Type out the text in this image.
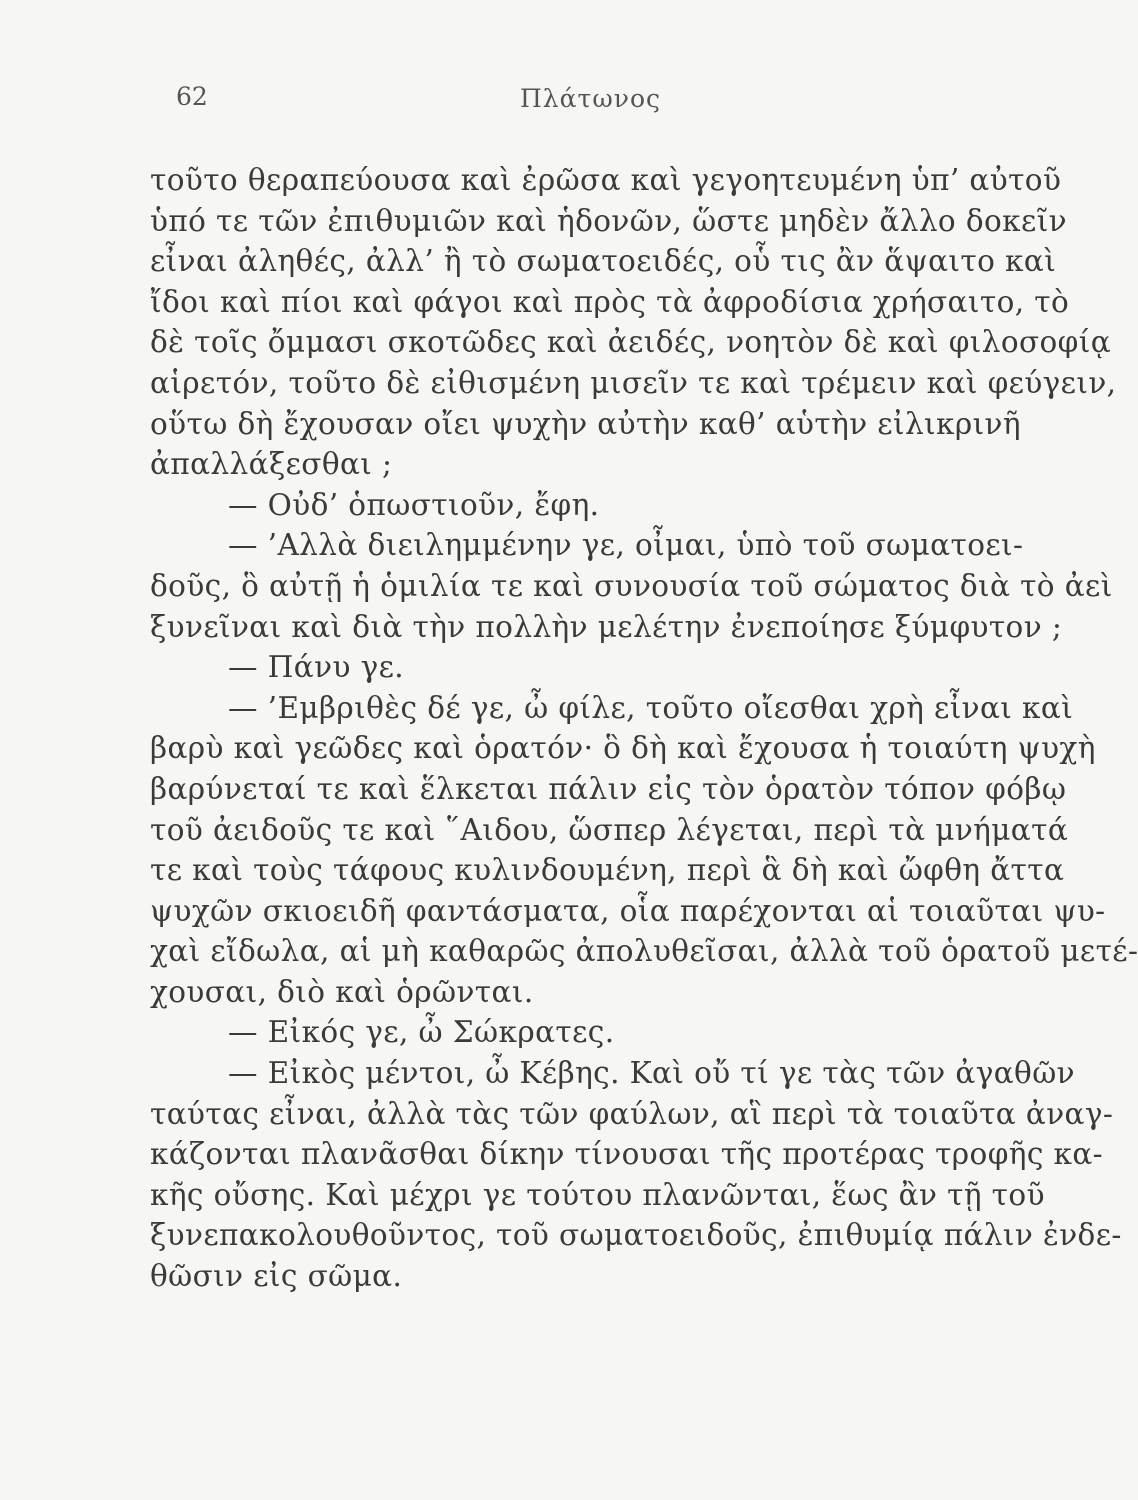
62	Πλάτωνος
τοῦτο θεραπεύουσα καὶ ἐρῶσα καὶ γεγοητευμένη ὑπ’ αὐτοῦ
ὑπό τε τῶν ἐπιθυμιῶν καὶ ἡδονῶν, ὥστε μηδὲν ἄλλο δοκεῖν
εἶναι ἀληθές, ἀλλ’ ἢ τὸ σωματοειδές, οὗ τις ἂν ἅψαιτο καὶ
ἴδοι καὶ πίοι καὶ φάγοι καὶ πρὸς τὰ ἀφροδίσια χρήσαιτο, τὸ
δὲ τοῖς ὄμμασι σκοτῶδες καὶ ἀειδές, νοητὸν δὲ καὶ φιλοσοφίᾳ
αἱρετόν, τοῦτο δὲ εἰθισμένη μισεῖν τε καὶ τρέμειν καὶ φεύγειν,
οὕτω δὴ ἔχουσαν οἴει ψυχὴν αὐτὴν καθ’ αὑτὴν εἰλικρινῆ
ἀπαλλάξεσθαι ;
— Οὐδ’ ὁπωστιοῦν, ἔφη.
— ’Αλλὰ διειλημμένην γε, οἶμαι, ὑπὸ τοῦ σωματοει-
δοῦς, ὃ αὐτῇ ἡ ὁμιλία τε καὶ συνουσία τοῦ σώματος διὰ τὸ ἀεὶ
ξυνεῖναι καὶ διὰ τὴν πολλὴν μελέτην ἐνεποίησε ξύμφυτον ;
— Πάνυ γε.
— ’Εμβριθὲς δέ γε, ὦ φίλε, τοῦτο οἴεσθαι χρὴ εἶναι καὶ
βαρὺ καὶ γεῶδες καὶ ὁρατόν· ὃ δὴ καὶ ἔχουσα ἡ τοιαύτη ψυχὴ
βαρύνεταί τε καὶ ἕλκεται πάλιν εἰς τὸν ὁρατὸν τόπον φόβῳ
τοῦ ἀειδοῦς τε καὶ ῞Αιδου, ὥσπερ λέγεται, περὶ τὰ μνήματά
τε καὶ τοὺς τάφους κυλινδουμένη, περὶ ἃ δὴ καὶ ὤφθη ἄττα
ψυχῶν σκιοειδῆ φαντάσματα, οἷα παρέχονται αἱ τοιαῦται ψυ-
χαὶ εἴδωλα, αἱ μὴ καθαρῶς ἀπολυθεῖσαι, ἀλλὰ τοῦ ὁρατοῦ μετέ-
χουσαι, διὸ καὶ ὁρῶνται.
— Εἰκός γε, ὦ Σώκρατες.
— Εἰκὸς μέντοι, ὦ Κέβης. Καὶ οὔ τί γε τὰς τῶν ἀγαθῶν
ταύτας εἶναι, ἀλλὰ τὰς τῶν φαύλων, αἳ περὶ τὰ τοιαῦτα ἀναγ-
κάζονται πλανᾶσθαι δίκην τίνουσαι τῆς προτέρας τροφῆς κα-
κῆς οὔσης. Καὶ μέχρι γε τούτου πλανῶνται, ἕως ἂν τῇ τοῦ
ξυνεπακολουθοῦντος, τοῦ σωματοειδοῦς, ἐπιθυμίᾳ πάλιν ἐνδε-
θῶσιν εἰς σῶμα.
